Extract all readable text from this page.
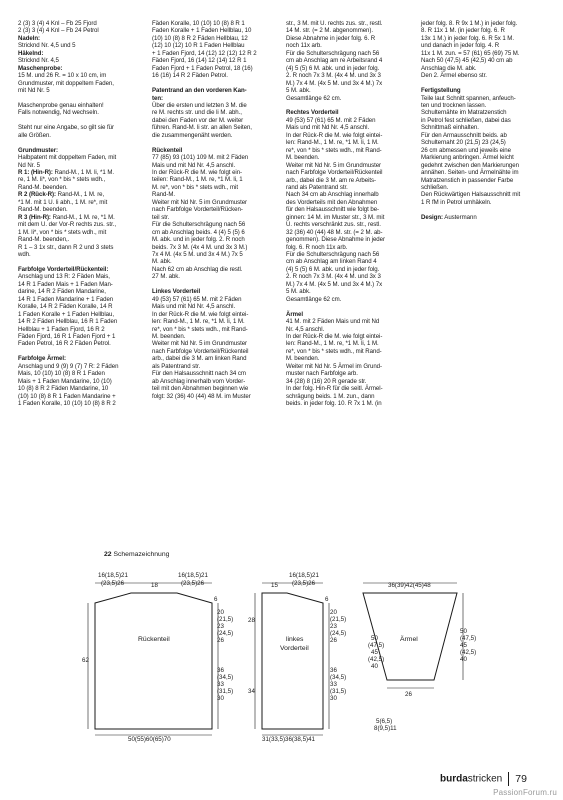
2 (3) 3 (4) 4 Knl – Fb 25 Fjord
2 (3) 3 (4) 4 Knl – Fb 24 Petrol
Nadeln:
Stricknd Nr. 4,5 und 5
Häkelnd:
Stricknd Nr. 4,5
Maschenprobe:
15 M. und 26 R. = 10 x 10 cm, im
Grundmuster, mit doppeltem Faden,
mit Nd Nr. 5
Maschenprobe genau einhalten!
Falls notwendig, Nd wechseln.
Steht nur eine Angabe, so gilt sie für
alle Größen.
Grundmuster:
Halbpatent mit doppeltem Faden, mit
Nd Nr. 5
R 1: (Hin-R): Rand-M., 1 M. li, *1 M.
re, 1 M. li*, von * bis * stets wdh.,
Rand-M. beenden.
R 2 (Rück-R): Rand-M., 1 M. re,
*1 M. mit 1 U. li abh., 1 M. re*, mit
Rand-M. beenden.
R 3 (Hin-R): Rand-M., 1 M. re, *1 M.
mit dem U. der Vor-R rechts zus. str.,
1 M. li*, von * bis * stets wdh., mit
Rand-M. beenden,.
R 1 – 3 1x str., dann R 2 und 3 stets
wdh.
Farbfolge Vorderteil/Rückenteil:
Anschlag und 13 R: 2 Fäden Mais,
14 R 1 Faden Mais + 1 Faden Man-
darine, 14 R 2 Fäden Mandarine,
14 R 1 Faden Mandarine + 1 Faden
Koralle, 14 R 2 Fäden Koralle, 14 R
1 Faden Koralle + 1 Faden Hellblau,
14 R 2 Fäden Hellblau, 16 R 1 Faden
Hellblau + 1 Faden Fjord, 16 R 2
Fäden Fjord, 16 R 1 Faden Fjord + 1
Faden Petrol, 16 R 2 Fäden Petrol.
Farbfolge Ärmel:
Anschlag und 9 (9) 9 (7) 7 R: 2 Fäden
Mais, 10 (10) 10 (8) 8 R 1 Faden
Mais + 1 Faden Mandarine, 10 (10)
10 (8) 8 R 2 Fäden Mandarine, 10
(10) 10 (8) 8 R 1 Faden Mandarine +
1 Faden Koralle, 10 (10) 10 (8) 8 R 2
Fäden Koralle, 10 (10) 10 (8) 8 R 1
Faden Koralle + 1 Faden Hellblau, 10
(10) 10 (8) 8 R 2 Fäden Hellblau, 12
(12) 10 (12) 10 R 1 Faden Hellblau
+ 1 Faden Fjord, 14 (12) 12 (12) 12 R 2
Fäden Fjord, 16 (14) 12 (14) 12 R 1
Faden Fjord + 1 Faden Petrol, 18 (16)
16 (16) 14 R 2 Fäden Petrol.
Patentrand an den vorderen Kan-
ten:
Über die ersten und letzten 3 M. die
re M. rechts str. und die li M. abh.,
dabei den Faden vor der M. weiter
führen. Rand-M. li str. an allen Seiten,
die zusammengenäht werden.
Rückenteil
77 (85) 93 (101) 109 M. mit 2 Fäden
Mais und mit Nd Nr. 4,5 anschl.
In der Rück-R die M. wie folgt ein-
teilen: Rand-M., 1 M. re, *1 M. li, 1
M. re*, von * bis * stets wdh., mit
Rand-M.
Weiter mit Nd Nr. 5 im Grundmuster
nach Farbfolge Vorderteil/Rücken-
teil str.
Für die Schulterschrägung nach 56
cm ab Anschlag beids. 4 (4) 5 (5) 6
M. abk. und in jeder folg. 2. R noch
beids. 7x 3 M. (4x 4 M. und 3x 3 M.)
7x 4 M. (4x 5 M. und 3x 4 M.) 7x 5
M. abk.
Nach 62 cm ab Anschlag die restl.
27 M. abk.
Linkes Vorderteil
49 (53) 57 (61) 65 M. mit 2 Fäden
Mais und mit Nd Nr. 4,5 anschl.
In der Rück-R die M. wie folgt eintei-
len: Rand-M., 1 M. re, *1 M. li, 1 M.
re*, von * bis * stets wdh., mit Rand-
M. beenden.
Weiter mit Nd Nr. 5 im Grundmuster
nach Farbfolge Vorderteil/Rückenteil
arb., dabei die 3 M. am linken Rand
als Patentrand str.
Für den Halsausschnitt nach 34 cm
ab Anschlag innerhalb vom Vorder-
teil mit den Abnahmen beginnen wie
folgt: 32 (36) 40 (44) 48 M. im Muster
str., 3 M. mit U. rechts zus. str., restl.
14 M. str. (= 2 M. abgenommen).
Diese Abnahme in jeder folg. 6. R
noch 11x arb.
Für die Schulterschrägung nach 56
cm ab Anschlag am re Arbeitsrand 4
(4) 5 (5) 6 M. abk. und in jeder folg.
2. R noch 7x 3 M. (4x 4 M. und 3x 3
M.) 7x 4 M. (4x 5 M. und 3x 4 M.) 7x
5 M. abk.
Gesamtlänge 62 cm.
Rechtes Vorderteil
49 (53) 57 (61) 65 M. mit 2 Fäden
Mais und mit Nd Nr. 4,5 anschl.
In der Rück-R die M. wie folgt eintei-
len: Rand-M., 1 M. re, *1 M. li, 1 M.
re*, von * bis * stets wdh., mit Rand-
M. beenden.
Weiter mit Nd Nr. 5 im Grundmuster
nach Farbfolge Vorderteil/Rückenteil
arb., dabei die 3 M. am re Arbeits-
rand als Patentrand str.
Nach 34 cm ab Anschlag innerhalb
des Vorderteils mit den Abnahmen
für den Halsausschnitt wie folgt be-
ginnen: 14 M. im Muster str., 3 M. mit
U. rechts verschränkt zus. str., restl.
32 (36) 40 (44) 48 M. str. (= 2 M. ab-
genommen). Diese Abnahme in jeder
folg. 6. R noch 11x arb.
Für die Schulterschrägung nach 56
cm ab Anschlag am linken Rand 4
(4) 5 (5) 6 M. abk. und in jeder folg.
2. R noch 7x 3 M. (4x 4 M. und 3x 3
M.) 7x 4 M. (4x 5 M. und 3x 4 M.) 7x
5 M. abk.
Gesamtlänge 62 cm.
Ärmel
41 M. mit 2 Fäden Mais und mit Nd
Nr. 4,5 anschl.
In der Rück-R die M. wie folgt eintei-
len: Rand-M., 1 M. re, *1 M. li, 1 M.
re*, von * bis * stets wdh., mit Rand-
M. beenden.
Weiter mit Nd Nr. 5 Ärmel im Grund-
muster nach Farbfolge arb.
34 (28) 8 (16) 20 R gerade str.
In der folg. Hin-R für die seitl. Ärmel-
schrägung beids. 1 M. zun., dann
beids. in jeder folg. 10. R 7x 1 M. (in
jeder folg. 8. R 9x 1 M.) in jeder folg.
8. R 11x 1 M. (in jeder folg. 6. R
13x 1 M.) in jeder folg. 6. R 5x 1 M.
und danach in jeder folg. 4. R
11x 1 M. zun. = 57 (61) 65 (69) 75 M.
Nach 50 (47,5) 45 (42,5) 40 cm ab
Anschlag die M. abk.
Den 2. Ärmel ebenso str.
Fertigstellung
Teile laut Schnitt spannen, anfeuch-
ten und trocknen lassen.
Schulternähte im Matratzenstich
in Petrol fest schließen, dabei das
Schnittmaß einhalten.
Für den Armausschnitt beids. ab
Schulternaht 20 (21,5) 23 (24,5)
26 cm abmessen und jeweils eine
Markierung anbringen. Ärmel leicht
gedehnt zwischen den Markierungen
annähen. Seiten- und Ärmelnähte im
Matratzenstich in passender Farbe
schließen.
Den Rückwärtigen Halsausschnitt mit
1 R fM in Petrol umhäkeln.
Design: Austermann
22 Schemazeichnung
16(18,5)21
(23,5)26	18
16(18,5)21
(23,5)26
6
Rückenteil
62
20
(21,5)
23
(24,5)
26
36
(34,5)
33
(31,5)
30
50(55)60(65)70
15
16(18,5)21
(23,5)26
6
28
linkes
Vorderteil
34
20
(21,5)
23
(24,5)
26
36
(34,5)
33
(31,5)
30
31(33,5)36(38,5)41
36(39)42(45)48
Ärmel
50
(47,5)
45
(42,5)
40
50
(47,5)
45
(42,5)
40
26
5(6,5)
8(9,5)11
burdastricken 79
PassionForum.ru
